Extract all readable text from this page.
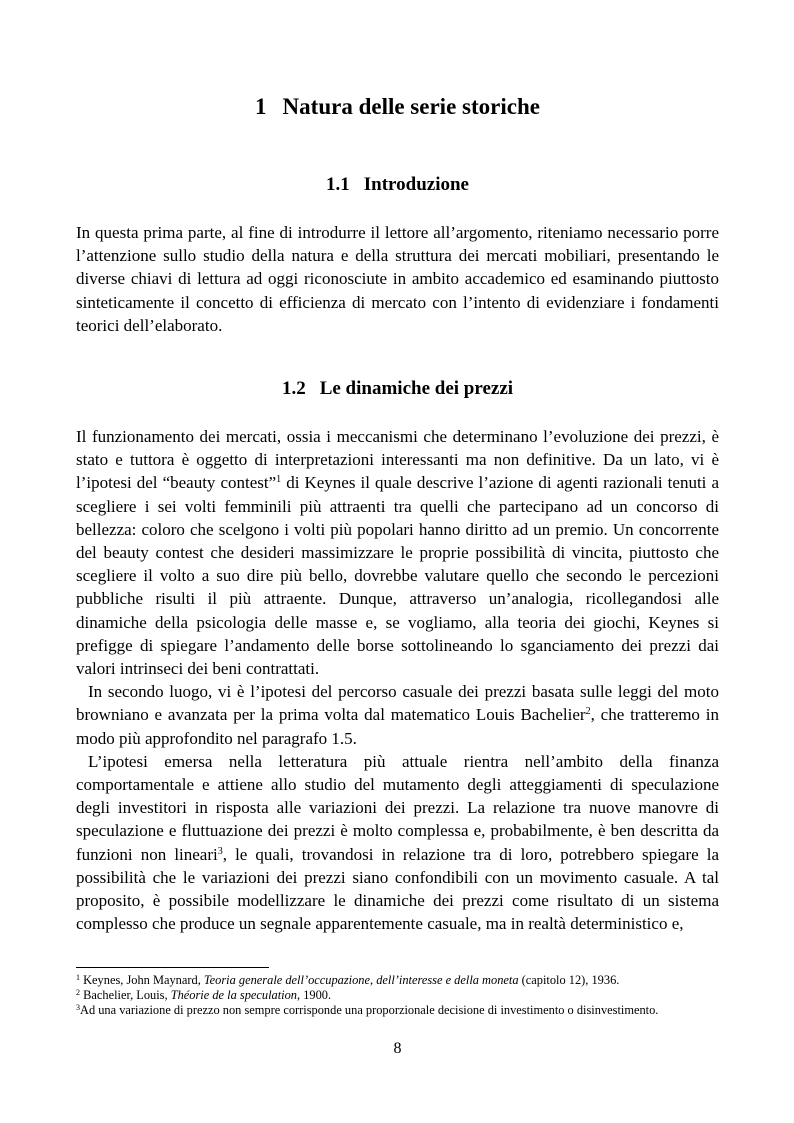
1 Natura delle serie storiche
1.1 Introduzione

In questa prima parte, al fine di introdurre il lettore all’argomento, riteniamo necessario porre l’attenzione sullo studio della natura e della struttura dei mercati mobiliari, presentando le diverse chiavi di lettura ad oggi riconosciute in ambito accademico ed esaminando piuttosto sinteticamente il concetto di efficienza di mercato con l’intento di evidenziare i fondamenti teorici dell’elaborato.

1.2 Le dinamiche dei prezzi
Il funzionamento dei mercati, ossia i meccanismi che determinano l’evoluzione dei prezzi, è stato e tuttora è oggetto di interpretazioni interessanti ma non definitive. Da un lato, vi è l’ipotesi del “beauty contest”$^1$ di Keynes il quale descrive l’azione di agenti razionali tenuti a scegliere i sei volti femminili più attraenti tra quelli che partecipano ad un concorso di bellezza: coloro che scelgono i volti più popolari hanno diritto ad un premio. Un concorrente del beauty contest che desideri massimizzare le proprie possibilità di vincita, piuttosto che scegliere il volto a suo dire più bello, dovrebbe valutare quello che secondo le percezioni pubbliche risulti il più attraente. Dunque, attraverso un’analogia, ricollegandosi alle dinamiche della psicologia delle masse e, se vogliamo, alla teoria dei giochi, Keynes si prefigge di spiegare l’andamento delle borse sottolineando lo sganciamento dei prezzi dai valori intrinseci dei beni contrattati.
In secondo luogo, vi è l’ipotesi del percorso casuale dei prezzi basata sulle leggi del moto browniano e avanzata per la prima volta dal matematico Louis Bachelier$^2$, che tratteremo in modo più approfondito nel paragrafo 1.5.
L’ipotesi emersa nella letteratura più attuale rientra nell’ambito della finanza comportamentale e attiene allo studio del mutamento degli atteggiamenti di speculazione degli investitori in risposta alle variazioni dei prezzi. La relazione tra nuove manovre di speculazione e fluttuazione dei prezzi è molto complessa e, probabilmente, è ben descritta da funzioni non lineari$^3$, le quali, trovandosi in relazione tra di loro, potrebbero spiegare la possibilità che le variazioni dei prezzi siano confondibili con un movimento casuale. A tal proposito, è possibile modellizzare le dinamiche dei prezzi come risultato di un sistema complesso che produce un segnale apparentemente casuale, ma in realtà deterministico e,
$^1$ Keynes, John Maynard, Teoria generale dell’occupazione, dell’interesse e della moneta (capitolo 12), 1936.
$^2$ Bachelier, Louis, Théorie de la speculation, 1900.
$^3$Ad una variazione di prezzo non sempre corrisponde una proporzionale decisione di investimento o disinvestimento.
8
